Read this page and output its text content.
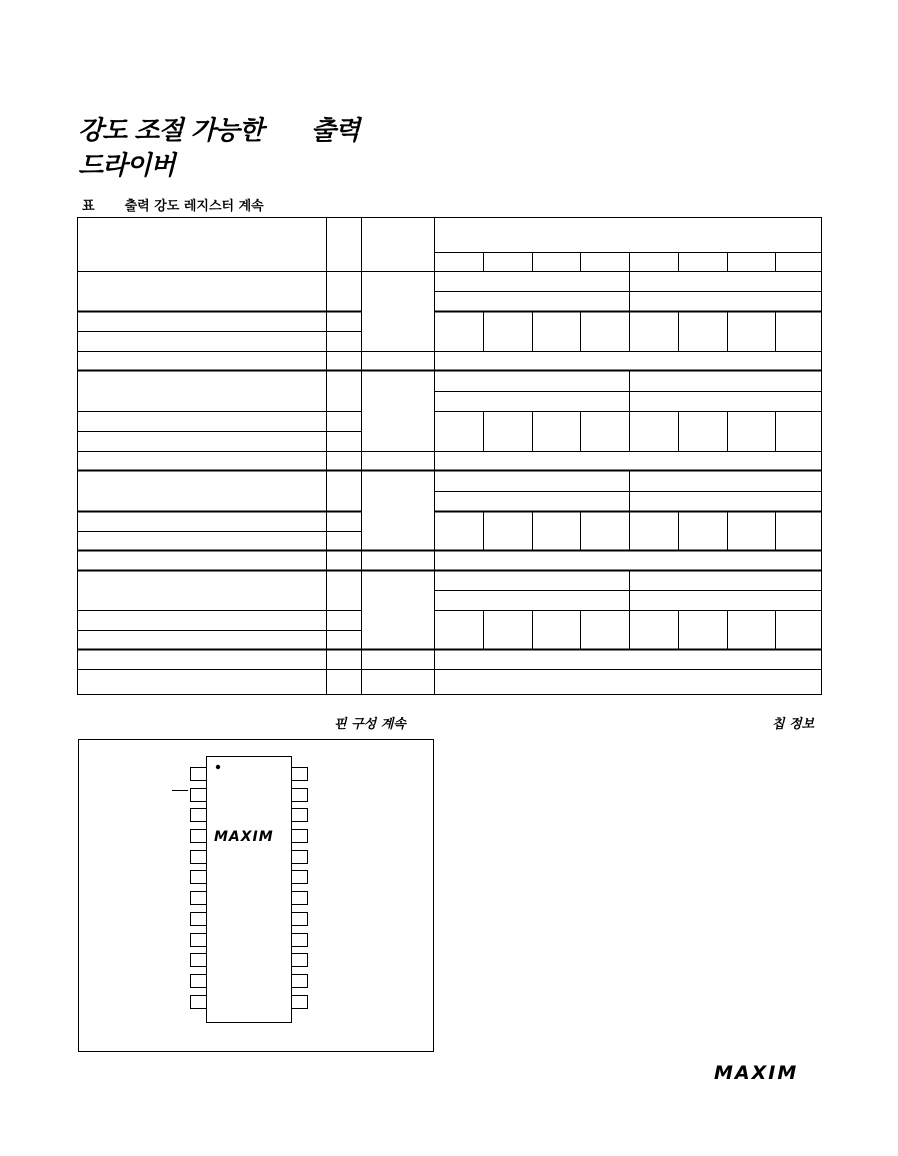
강도 조절 가능한 출력
드라이버
표 출력 강도 레지스터 계속
핀 구성 계속	칩 정보
MAXIM
MAXIM
